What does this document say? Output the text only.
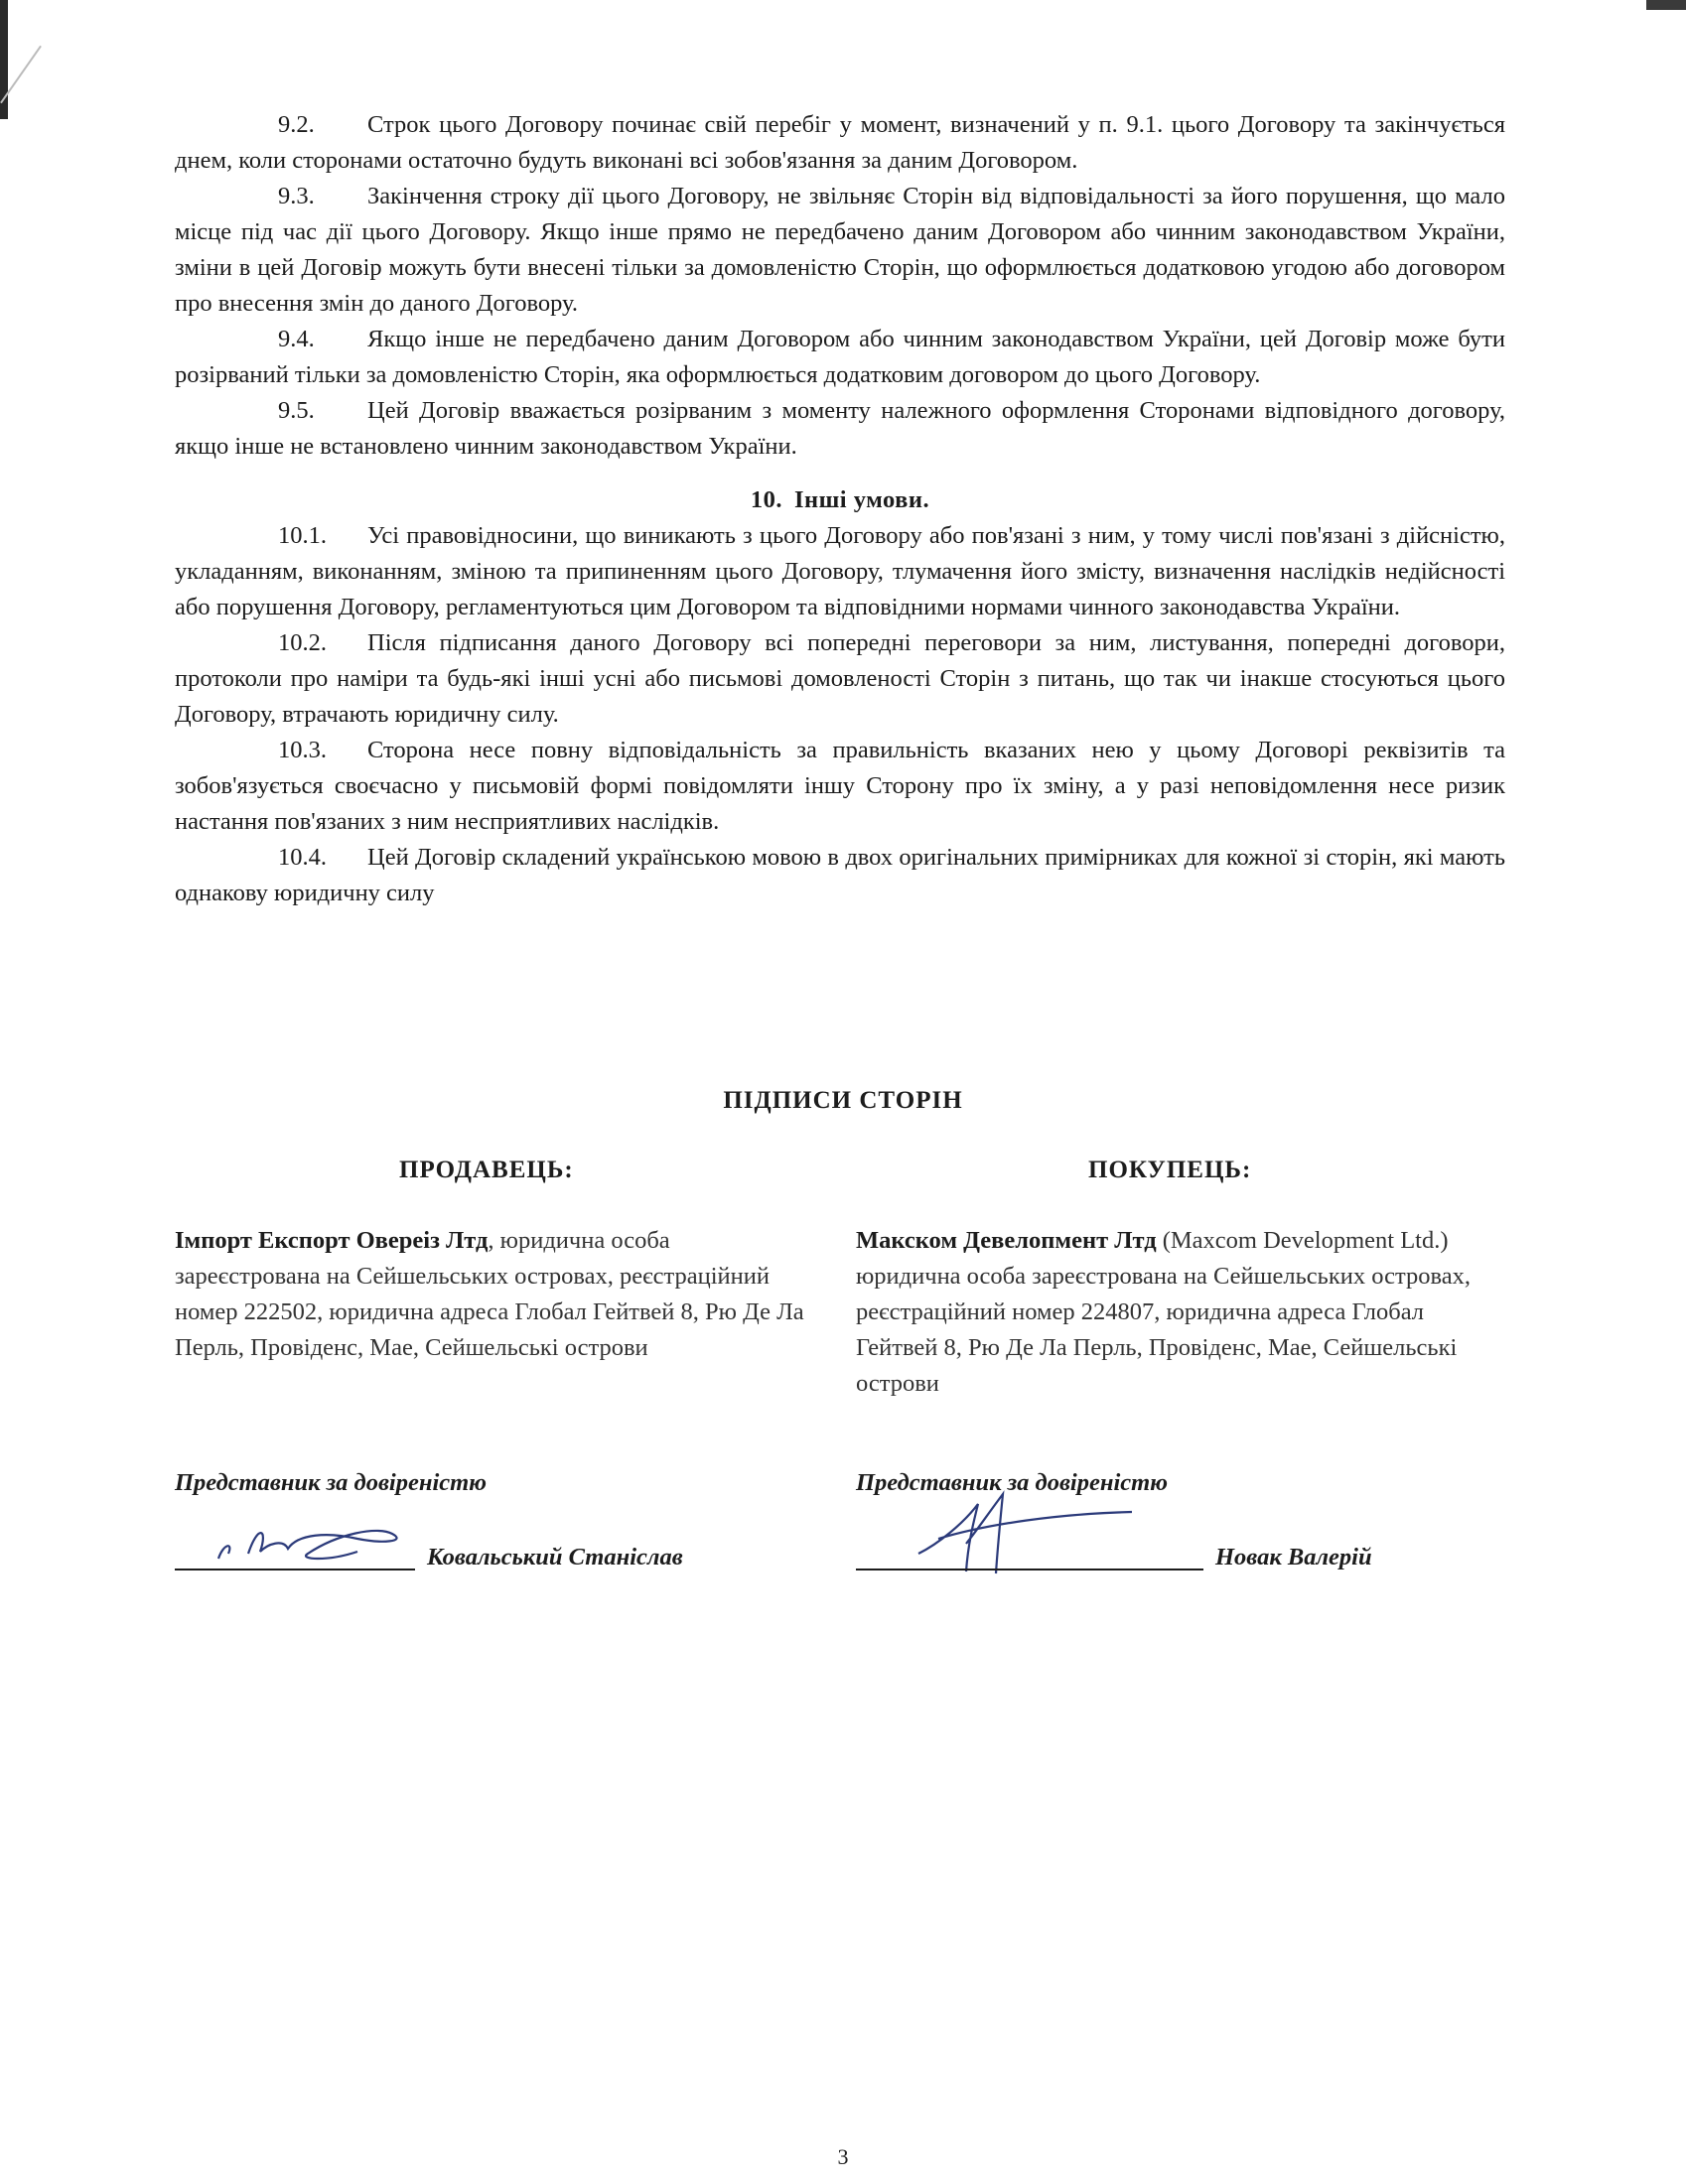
9.2. Строк цього Договору починає свій перебіг у момент, визначений у п. 9.1. цього Договору та закінчується днем, коли сторонами остаточно будуть виконані всі зобов'язання за даним Договором.

9.3. Закінчення строку дії цього Договору, не звільняє Сторін від відповідальності за його порушення, що мало місце під час дії цього Договору. Якщо інше прямо не передбачено даним Договором або чинним законодавством України, зміни в цей Договір можуть бути внесені тільки за домовленістю Сторін, що оформлюється додатковою угодою або договором про внесення змін до даного Договору.

9.4. Якщо інше не передбачено даним Договором або чинним законодавством України, цей Договір може бути розірваний тільки за домовленістю Сторін, яка оформлюється додатковим договором до цього Договору.

9.5. Цей Договір вважається розірваним з моменту належного оформлення Сторонами відповідного договору, якщо інше не встановлено чинним законодавством України.

10. Інші умови.

10.1. Усі правовідносини, що виникають з цього Договору або пов'язані з ним, у тому числі пов'язані з дійсністю, укладанням, виконанням, зміною та припиненням цього Договору, тлумачення його змісту, визначення наслідків недійсності або порушення Договору, регламентуються цим Договором та відповідними нормами чинного законодавства України.

10.2. Після підписання даного Договору всі попередні переговори за ним, листування, попередні договори, протоколи про наміри та будь-які інші усні або письмові домовленості Сторін з питань, що так чи інакше стосуються цього Договору, втрачають юридичну силу.

10.3. Сторона несе повну відповідальність за правильність вказаних нею у цьому Договорі реквізитів та зобов'язується своєчасно у письмовій формі повідомляти іншу Сторону про їх зміну, а у разі неповідомлення несе ризик настання пов'язаних з ним несприятливих наслідків.

10.4. Цей Договір складений українською мовою в двох оригінальних примірниках для кожної зі сторін, які мають однакову юридичну силу

ПІДПИСИ СТОРІН
ПРОДАВЕЦЬ:
Імпорт Експорт Овереіз Лтд, юридична особа зареєстрована на Сейшельських островах, реєстраційний номер 222502, юридична адреса Глобал Гейтвей 8, Рю Де Ла Перль, Провіденс, Мае, Сейшельські острови
Представник за довіреністю
Ковальський Станіслав
ПОКУПЕЦЬ:
Макском Девелопмент Лтд (Maxcom Development Ltd.) юридична особа зареєстрована на Сейшельських островах, реєстраційний номер 224807, юридична адреса Глобал Гейтвей 8, Рю Де Ла Перль, Провіденс, Мае, Сейшельські острови
Представник за довіреністю
Новак Валерій
3
